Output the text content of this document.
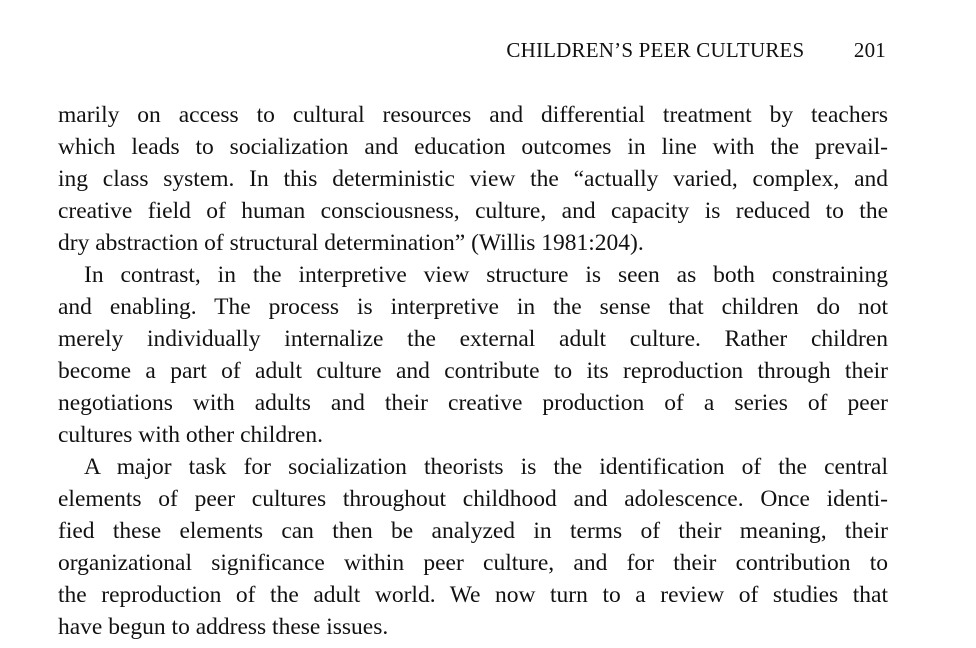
CHILDREN’S PEER CULTURES 201
marily on access to cultural resources and differential treatment by teachers
which leads to socialization and education outcomes in line with the prevail-
ing class system. In this deterministic view the “actually varied, complex, and
creative field of human consciousness, culture, and capacity is reduced to the
dry abstraction of structural determination” (Willis 1981:204).
In contrast, in the interpretive view structure is seen as both constraining
and enabling. The process is interpretive in the sense that children do not
merely individually internalize the external adult culture. Rather children
become a part of adult culture and contribute to its reproduction through their
negotiations with adults and their creative production of a series of peer
cultures with other children.
A major task for socialization theorists is the identification of the central
elements of peer cultures throughout childhood and adolescence. Once identi-
fied these elements can then be analyzed in terms of their meaning, their
organizational significance within peer culture, and for their contribution to
the reproduction of the adult world. We now turn to a review of studies that
have begun to address these issues.
